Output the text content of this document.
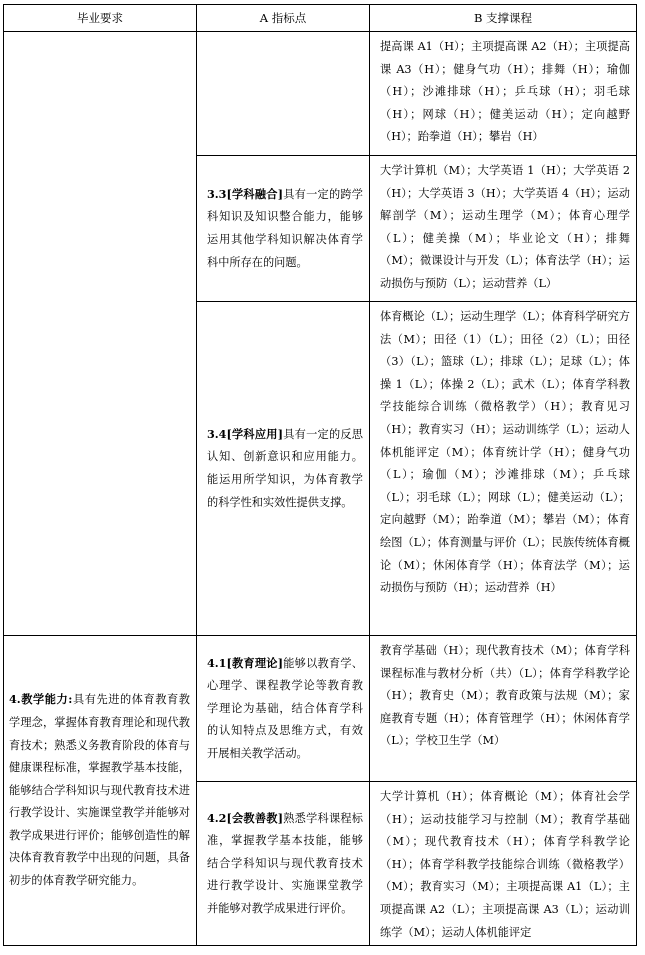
毕业要求	A 指标点	B 支撑课程

		提高课 A1（H）；主项提高课 A2（H）；主项提高课 A3（H）；健身气功（H）；排舞（H）；瑜伽（H）；沙滩排球（H）；乒乓球（H）；羽毛球（H）；网球（H）；健美运动（H）；定向越野（H）；跆拳道（H）；攀岩（H）

	3.3[学科融合]具有一定的跨学科知识及知识整合能力，能够运用其他学科知识解决体育学科中所存在的问题。	大学计算机（M）；大学英语 1（H）；大学英语 2（H）；大学英语 3（H）；大学英语 4（H）；运动解剖学（M）；运动生理学（M）；体育心理学（L）；健美操（M）；毕业论文（H）；排舞（M）；微课设计与开发（L）；体育法学（H）；运动损伤与预防（L）；运动营养（L）

	3.4[学科应用]具有一定的反思认知、创新意识和应用能力。能运用所学知识，为体育教学的科学性和实效性提供支撑。	体育概论（L）；运动生理学（L）；体育科学研究方法（M）；田径（1）（L）；田径（2）（L）；田径（3）（L）；篮球（L）；排球（L）；足球（L）；体操 1（L）；体操 2（L）；武术（L）；体育学科教学技能综合训练（微格教学）（H）；教育见习（H）；教育实习（H）；运动训练学（L）；运动人体机能评定（M）；体育统计学（H）；健身气功（L）；瑜伽（M）；沙滩排球（M）；乒乓球（L）；羽毛球（L）；网球（L）；健美运动（L）；定向越野（M）；跆拳道（M）；攀岩（M）；体育绘图（L）；体育测量与评价（L）；民族传统体育概论（M）；休闲体育学（H）；体育法学（M）；运动损伤与预防（H）；运动营养（H）

4.教学能力:具有先进的体育教育教学理念，掌握体育教育理论和现代教育技术；熟悉义务教育阶段的体育与健康课程标准，掌握教学基本技能，能够结合学科知识与现代教育技术进行教学设计、实施课堂教学并能够对教学成果进行评价；能够创造性的解决体育教育教学中出现的问题，具备初步的体育教学研究能力。	4.1[教育理论]能够以教育学、心理学、课程教学论等教育教学理论为基础，结合体育学科的认知特点及思维方式，有效开展相关教学活动。	教育学基础（H）；现代教育技术（M）；体育学科课程标准与教材分析（共）（L）；体育学科教学论（H）；教育史（M）；教育政策与法规（M）；家庭教育专题（H）；体育管理学（H）；休闲体育学（L）；学校卫生学（M）

	4.2[会教善教]熟悉学科课程标准，掌握教学基本技能，能够结合学科知识与现代教育技术进行教学设计、实施课堂教学并能够对教学成果进行评价。	大学计算机（H）；体育概论（M）；体育社会学（H）；运动技能学习与控制（M）；教育学基础（M）；现代教育技术（H）；体育学科教学论（H）；体育学科教学技能综合训练（微格教学）（M）；教育实习（M）；主项提高课 A1（L）；主项提高课 A2（L）；主项提高课 A3（L）；运动训练学（M）；运动人体机能评定
